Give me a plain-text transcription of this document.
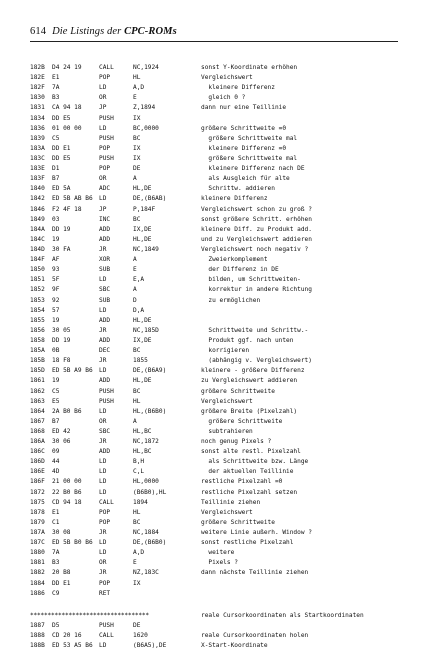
614 Die Listings der CPC-ROMs
182B D4 24 19	CALL	NC,1924	sonst Y-Koordinate erhöhen
182E E1	POP	HL	Vergleichswert
182F 7A	LD	A,D	kleinere Differenz
1830 B3	OR	E	gleich 0 ?
1831 CA 94 18	JP	Z,1894	dann nur eine Teillinie
1834 DD E5	PUSH	IX
1836 01 00 00	LD	BC,0000	größere Schrittweite =0
1839 C5	PUSH	BC	größere Schrittweite mal
183A DD E1	POP	IX	kleinere Differenz =0
183C DD E5	PUSH	IX	größere Schrittweite mal
183E D1	POP	DE	kleinere Differenz nach DE
183F B7	OR	A	als Ausgleich für alte
1840 ED 5A	ADC	HL,DE	Schrittw. addieren
1842 ED 5B AB B6 LD	DE,(B6AB)	kleinere Differenz
1846 F2 4F 18	JP	P,184F	Vergleichswert schon zu groß ?
1849 03	INC	BC	sonst größere Schritt. erhöhen
184A DD 19	ADD	IX,DE	kleinere Diff. zu Produkt add.
184C 19	ADD	HL,DE	und zu Vergleichswert addieren
184D 30 FA	JR	NC,1849	Vergleichswert noch negativ ?
184F AF	XOR	A	Zweierkomplement
1850 93	SUB	E	der Differenz in DE
1851 5F	LD	E,A	bilden, um Schrittweiten-
1852 9F	SBC	A	korrektur in andere Richtung
1853 92	SUB	D	zu ermöglichen
1854 57	LD	D,A
1855 19	ADD	HL,DE
1856 30 05	JR	NC,185D	Schrittweite und Schrittw.-
1858 DD 19	ADD	IX,DE	Produkt ggf. nach unten
185A 0B	DEC	BC	korrigieren
185B 18 F8	JR	1855	(abhängig v. Vergleichswert)
185D ED 5B A9 B6 LD	DE,(B6A9)	kleinere - größere Differenz
1861 19	ADD	HL,DE	zu Vergleichswert addieren
1862 C5	PUSH	BC	größere Schrittweite
1863 E5	PUSH	HL	Vergleichswert
1864 2A B0 B6	LD	HL,(B6B0)	größere Breite (Pixelzahl)
1867 B7	OR	A	größere Schrittweite
1868 ED 42	SBC	HL,BC	subtrahieren
186A 30 06	JR	NC,1872	noch genug Pixels ?
186C 09	ADD	HL,BC	sonst alte restl. Pixelzahl
186D 44	LD	B,H	als Schrittweite bzw. Länge
186E 4D	LD	C,L	der aktuellen Teillinie
186F 21 00 00	LD	HL,0000	restliche Pixelzahl =0
1872 22 B0 B6	LD	(B6B0),HL	restliche Pixelzahl setzen
1875 CD 94 18	CALL	1894	Teillinie ziehen
1878 E1	POP	HL	Vergleichswert
1879 C1	POP	BC	größere Schrittweite
187A 30 08	JR	NC,1884	weitere Linie außerh. Window ?
187C ED 5B B0 B6 LD	DE,(B6B0)	sonst restliche Pixelzahl
1880 7A	LD	A,D	weitere
1881 B3	OR	E	Pixels ?
1882 20 B8	JR	NZ,183C	dann nächste Teillinie ziehen
1884 DD E1	POP	IX
1886 C9	RET

**********************************

	reale Cursorkoordinaten als Startkoordinaten

1887 D5	PUSH	DE
1888 CD 20 16	CALL	1620	reale Cursorkoordinaten holen
188B ED 53 A5 B6 LD	(B6A5),DE	X-Start-Koordinate
